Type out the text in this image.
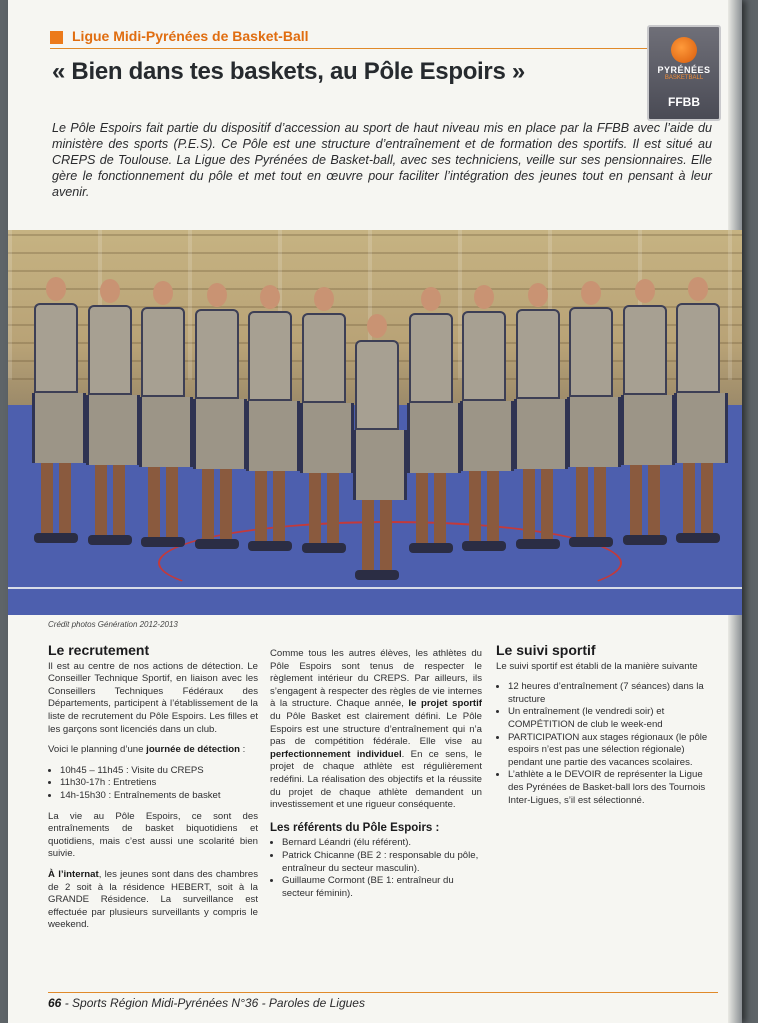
Ligue Midi-Pyrénées de Basket-Ball
« Bien dans tes baskets, au Pôle Espoirs »	PYRÉNÉES
BASKETBALL
FFBB
Le Pôle Espoirs fait partie du dispositif d’accession au sport de haut niveau mis en place par la FFBB avec l’aide du ministère des sports (P.E.S). Ce Pôle est une structure d’entraînement et de formation des sportifs. Il est situé au CREPS de Toulouse. La Ligue des Pyrénées de Basket-ball, avec ses techniciens, veille sur ses pensionnaires. Elle gère le fonctionnement du pôle et met tout en œuvre pour faciliter l’intégration des jeunes tout en pensant à leur avenir.
Crédit photos Génération 2012-2013
Le recrutement

Il est au centre de nos actions de détection. Le Conseiller Technique Sportif, en liaison avec les Conseillers Techniques Fédéraux des Départements, participent à l’établissement de la liste de recrutement du Pôle Espoirs. Les filles et les garçons sont licenciés dans un club.

Voici le planning d’une journée de détection :

• 10h45 – 11h45 : Visite du CREPS
• 11h30-17h : Entretiens
• 14h-15h30 : Entraînements de basket

La vie au Pôle Espoirs, ce sont des entraînements de basket biquotidiens et quotidiens, mais c’est aussi une scolarité bien suivie.

À l’internat, les jeunes sont dans des chambres de 2 soit à la résidence HEBERT, soit à la GRANDE Résidence. La surveillance est effectuée par plusieurs surveillants y compris le weekend.

Comme tous les autres élèves, les athlètes du Pôle Espoirs sont tenus de respecter le règlement intérieur du CREPS. Par ailleurs, ils s’engagent à respecter des règles de vie internes à la structure. Chaque année, le projet sportif du Pôle Basket est clairement défini. Le Pôle Espoirs est une structure d’entraînement qui n’a pas de compétition fédérale. Elle vise au perfectionnement individuel. En ce sens, le projet de chaque athlète est régulièrement redéfini. La réalisation des objectifs et la réussite du projet de chaque athlète demandent un investissement et une rigueur conséquente.

Les référents du Pôle Espoirs :
• Bernard Léandri (élu référent).
• Patrick Chicanne (BE 2 : responsable du pôle, entraîneur du secteur masculin).
• Guillaume Cormont (BE 1: entraîneur du secteur féminin).
Le suivi sportif

Le suivi sportif est établi de la manière suivante

• 12 heures d’entraînement (7 séances) dans la structure
• Un entraînement (le vendredi soir) et COMPÉTITION de club le week-end
• PARTICIPATION aux stages régionaux (le pôle espoirs n’est pas une sélection régionale) pendant une partie des vacances scolaires.
• L’athlète a le DEVOIR de représenter la Ligue des Pyrénées de Basket-ball lors des Tournois Inter-Ligues, s’il est sélectionné.
66 - Sports Région Midi-Pyrénées N°36 - Paroles de Ligues
